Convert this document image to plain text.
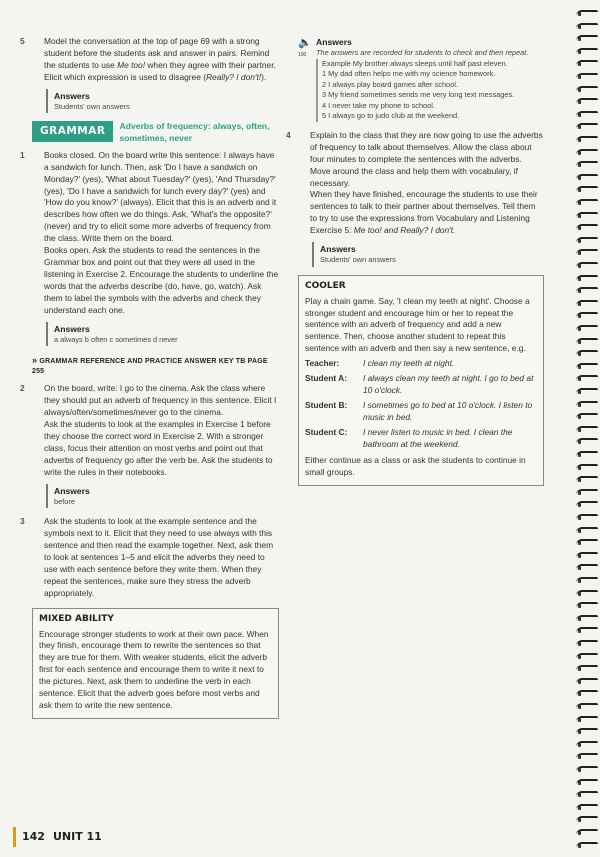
5 Model the conversation at the top of page 69 with a strong student before the students ask and answer in pairs. Remind the students to use Me too! when they agree with their partner. Elicit which expression is used to disagree (Really? I don't!).
Answers
Students' own answers
GRAMMAR	Adverbs of frequency: always, often, sometimes, never
1 Books closed. On the board write this sentence: I always have a sandwich for lunch. Then, ask 'Do I have a sandwich on Monday?' (yes), 'What about Tuesday?' (yes), 'And Thursday?' (yes), 'Do I have a sandwich for lunch every day?' (yes) and 'How do you know?' (always). Elicit that this is an adverb and it describes how often we do things. Ask, 'What's the opposite?' (never) and try to elicit some more adverbs of frequency from the class. Write them on the board.

Books open. Ask the students to read the sentences in the Grammar box and point out that they were all used in the listening in Exercise 2. Encourage the students to underline the words that the adverbs describe (do, have, go, watch). Ask them to label the symbols with the adverbs and check they understand each one.

Answers
a always b often c sometimes d never
» GRAMMAR REFERENCE AND PRACTICE ANSWER KEY TB PAGE 255
2 On the board, write: I go to the cinema. Ask the class where they should put an adverb of frequency in this sentence. Elicit I always/often/sometimes/never go to the cinema.

Ask the students to look at the examples in Exercise 1 before they choose the correct word in Exercise 2. With a stronger class, focus their attention on most verbs and point out that adverbs of frequency go after the verb be. Ask the students to write the rules in their notebooks.

Answers
before
3 Ask the students to look at the example sentence and the symbols next to it. Elicit that they need to use always with this sentence and then read the example together. Next, ask them to look at sentences 1–5 and elicit the adverbs they need to use with each sentence before they write them. When they repeat the sentences, make sure they stress the adverb appropriately.
MIXED ABILITY
Encourage stronger students to work at their own pace. When they finish, encourage them to rewrite the sentences so that they are true for them. With weaker students, elicit the adverb first for each sentence and encourage them to write it next to the pictures. Next, ask them to underline the verb in each sentence. Elicit that the adverb goes before most verbs and ask them to write the new sentence.
🔈
100
Answers
The answers are recorded for students to check and then repeat.
Example My brother always sleeps until half past eleven.
1 My dad often helps me with my science homework.
2 I always play board games after school.
3 My friend sometimes sends me very long text messages.
4 I never take my phone to school.
5 I always go to judo club at the weekend.
4 Explain to the class that they are now going to use the adverbs of frequency to talk about themselves. Allow the class about four minutes to complete the sentences with the adverbs. Move around the class and help them with vocabulary, if necessary.

When they have finished, encourage the students to use their sentences to talk to their partner about themselves. Tell them to try to use the expressions from Vocabulary and Listening Exercise 5: Me too! and Really? I don't.

Answers
Students' own answers
COOLER
Play a chain game. Say, 'I clean my teeth at night'. Choose a stronger student and encourage him or her to repeat the sentence with an adverb of frequency and add a new sentence. Then, choose another student to repeat this sentence with an adverb and then say a new sentence, e.g.
Teacher:	I clean my teeth at night.
Student A:	I always clean my teeth at night. I go to bed at 10 o'clock.
Student B:	I sometimes go to bed at 10 o'clock. I listen to music in bed.
Student C:	I never listen to music in bed. I clean the bathroom at the weekend.
Either continue as a class or ask the students to continue in small groups.
142 UNIT 11
